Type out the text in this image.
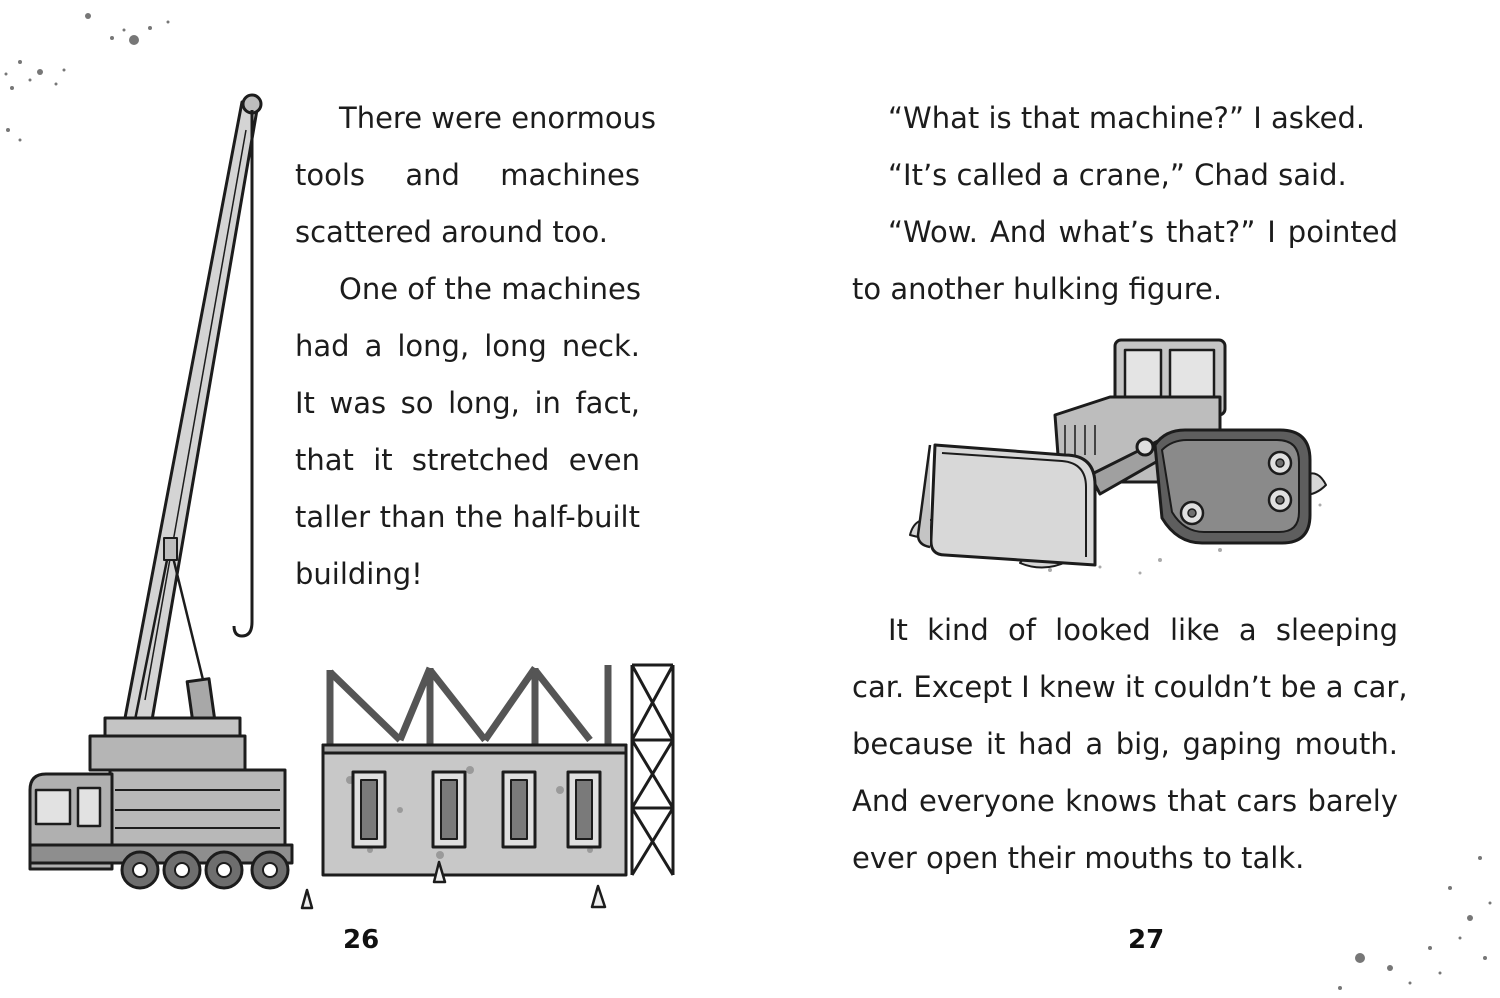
There were enormous
tools and machines
scattered around too.
One of the machines
had a long, long neck.
It was so long, in fact,
that it stretched even
taller than the half-built
building!
26
“What is that machine?” I asked.
“It’s called a crane,” Chad said.
“Wow. And what’s that?” I pointed
to another hulking figure.
It kind of looked like a sleeping
car. Except I knew it couldn’t be a car,
because it had a big, gaping mouth.
And everyone knows that cars barely
ever open their mouths to talk.
27
